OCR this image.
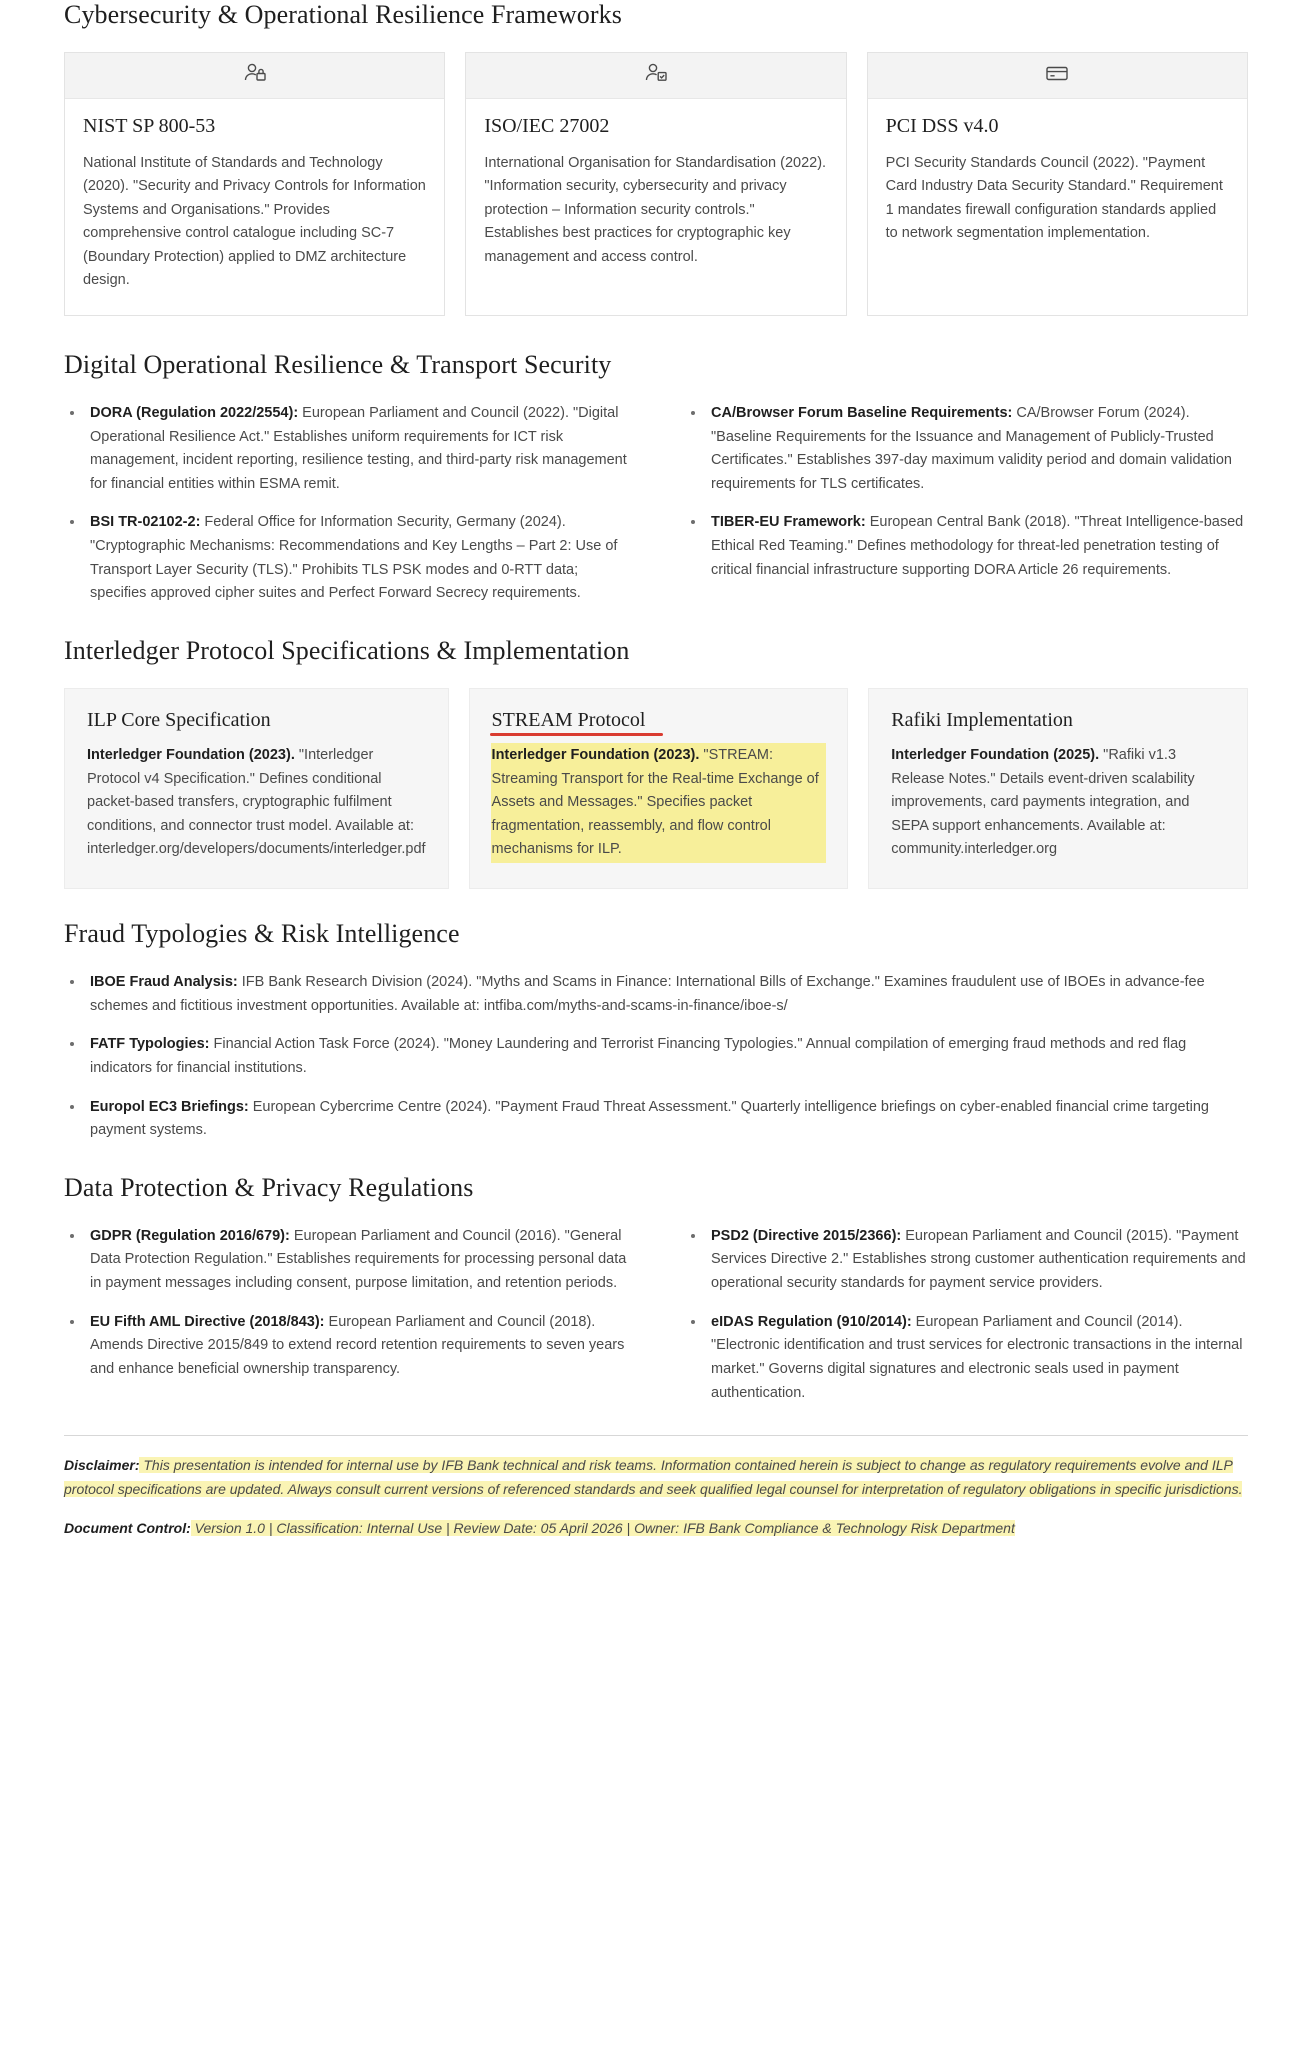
Cybersecurity & Operational Resilience Frameworks
NIST SP 800-53

National Institute of Standards and Technology (2020). "Security and Privacy Controls for Information Systems and Organisations." Provides comprehensive control catalogue including SC-7 (Boundary Protection) applied to DMZ architecture design.

ISO/IEC 27002

International Organisation for Standardisation (2022). "Information security, cybersecurity and privacy protection – Information security controls." Establishes best practices for cryptographic key management and access control.

PCI DSS v4.0

PCI Security Standards Council (2022). "Payment Card Industry Data Security Standard." Requirement 1 mandates firewall configuration standards applied to network segmentation implementation.

Digital Operational Resilience & Transport Security
DORA (Regulation 2022/2554): European Parliament and Council (2022). "Digital Operational Resilience Act." Establishes uniform requirements for ICT risk management, incident reporting, resilience testing, and third-party risk management for financial entities within ESMA remit.
BSI TR-02102-2: Federal Office for Information Security, Germany (2024). "Cryptographic Mechanisms: Recommendations and Key Lengths – Part 2: Use of Transport Layer Security (TLS)." Prohibits TLS PSK modes and 0-RTT data; specifies approved cipher suites and Perfect Forward Secrecy requirements.
CA/Browser Forum Baseline Requirements: CA/Browser Forum (2024). "Baseline Requirements for the Issuance and Management of Publicly-Trusted Certificates." Establishes 397-day maximum validity period and domain validation requirements for TLS certificates.
TIBER-EU Framework: European Central Bank (2018). "Threat Intelligence-based Ethical Red Teaming." Defines methodology for threat-led penetration testing of critical financial infrastructure supporting DORA Article 26 requirements.
Interledger Protocol Specifications & Implementation
ILP Core Specification

Interledger Foundation (2023). "Interledger Protocol v4 Specification." Defines conditional packet-based transfers, cryptographic fulfilment conditions, and connector trust model. Available at: interledger.org/developers/documents/interledger.pdf

STREAM Protocol

Interledger Foundation (2023). "STREAM: Streaming Transport for the Real-time Exchange of Assets and Messages." Specifies packet fragmentation, reassembly, and flow control mechanisms for ILP.

Rafiki Implementation

Interledger Foundation (2025). "Rafiki v1.3 Release Notes." Details event-driven scalability improvements, card payments integration, and SEPA support enhancements. Available at: community.interledger.org

Fraud Typologies & Risk Intelligence
IBOE Fraud Analysis: IFB Bank Research Division (2024). "Myths and Scams in Finance: International Bills of Exchange." Examines fraudulent use of IBOEs in advance-fee schemes and fictitious investment opportunities. Available at: intfiba.com/myths-and-scams-in-finance/iboe-s/
FATF Typologies: Financial Action Task Force (2024). "Money Laundering and Terrorist Financing Typologies." Annual compilation of emerging fraud methods and red flag indicators for financial institutions.
Europol EC3 Briefings: European Cybercrime Centre (2024). "Payment Fraud Threat Assessment." Quarterly intelligence briefings on cyber-enabled financial crime targeting payment systems.
Data Protection & Privacy Regulations
GDPR (Regulation 2016/679): European Parliament and Council (2016). "General Data Protection Regulation." Establishes requirements for processing personal data in payment messages including consent, purpose limitation, and retention periods.
EU Fifth AML Directive (2018/843): European Parliament and Council (2018). Amends Directive 2015/849 to extend record retention requirements to seven years and enhance beneficial ownership transparency.
PSD2 (Directive 2015/2366): European Parliament and Council (2015). "Payment Services Directive 2." Establishes strong customer authentication requirements and operational security standards for payment service providers.
eIDAS Regulation (910/2014): European Parliament and Council (2014). "Electronic identification and trust services for electronic transactions in the internal market." Governs digital signatures and electronic seals used in payment authentication.

Disclaimer: This presentation is intended for internal use by IFB Bank technical and risk teams. Information contained herein is subject to change as regulatory requirements evolve and ILP protocol specifications are updated. Always consult current versions of referenced standards and seek qualified legal counsel for interpretation of regulatory obligations in specific jurisdictions.

Document Control: Version 1.0 | Classification: Internal Use | Review Date: 05 April 2026 | Owner: IFB Bank Compliance & Technology Risk Department
